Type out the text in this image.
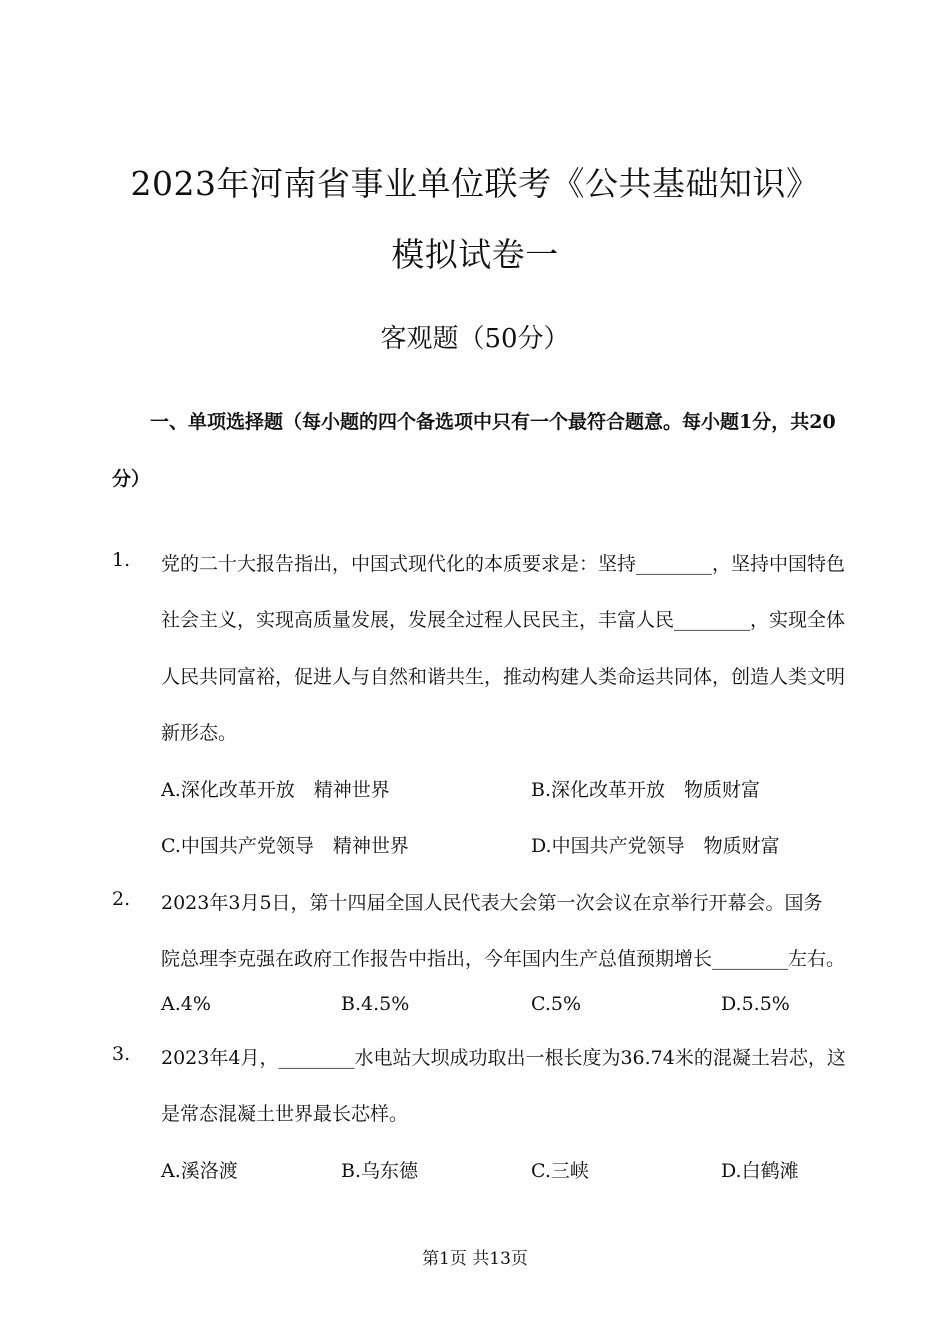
2023年河南省事业单位联考《公共基础知识》
模拟试卷一
客观题（50分）
一、单项选择题（每小题的四个备选项中只有一个最符合题意。每小题1分，共20
分）
1. 党的二十大报告指出，中国式现代化的本质要求是：坚持________，坚持中国特色
社会主义，实现高质量发展，发展全过程人民民主，丰富人民________，实现全体
人民共同富裕，促进人与自然和谐共生，推动构建人类命运共同体，创造人类文明
新形态。
A.深化改革开放　精神世界	B.深化改革开放　物质财富
C.中国共产党领导　精神世界	D.中国共产党领导　物质财富
2. 2023年3月5日，第十四届全国人民代表大会第一次会议在京举行开幕会。国务
院总理李克强在政府工作报告中指出，今年国内生产总值预期增长________左右。
A.4%	B.4.5%	C.5%	D.5.5%
3. 2023年4月，________水电站大坝成功取出一根长度为36.74米的混凝土岩芯，这
是常态混凝土世界最长芯样。
A.溪洛渡	B.乌东德	C.三峡	D.白鹤滩
第1页 共13页
